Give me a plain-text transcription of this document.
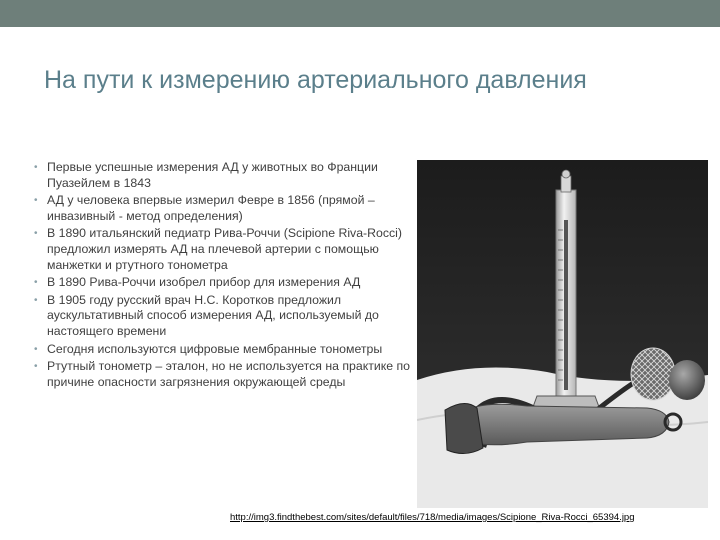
На пути к измерению артериального давления
• Первые успешные измерения АД у животных во Франции Пуазейлем в 1843
• АД у человека впервые измерил Февре в 1856 (прямой – инвазивный - метод определения)
• В 1890 итальянский педиатр Рива-Роччи (Scipione Riva-Rocci) предложил измерять АД на плечевой артерии с помощью манжетки и ртутного тонометра
• В 1890 Рива-Роччи изобрел прибор для измерения АД
• В 1905 году русский врач Н.С. Коротков предложил аускультативный способ измерения АД, используемый до настоящего времени
• Сегодня используются цифровые мембранные тонометры
• Ртутный тонометр – эталон, но не используется на практике по причине опасности загрязнения окружающей среды
http://img3.findthebest.com/sites/default/files/718/media/images/Scipione_Riva-Rocci_65394.jpg
